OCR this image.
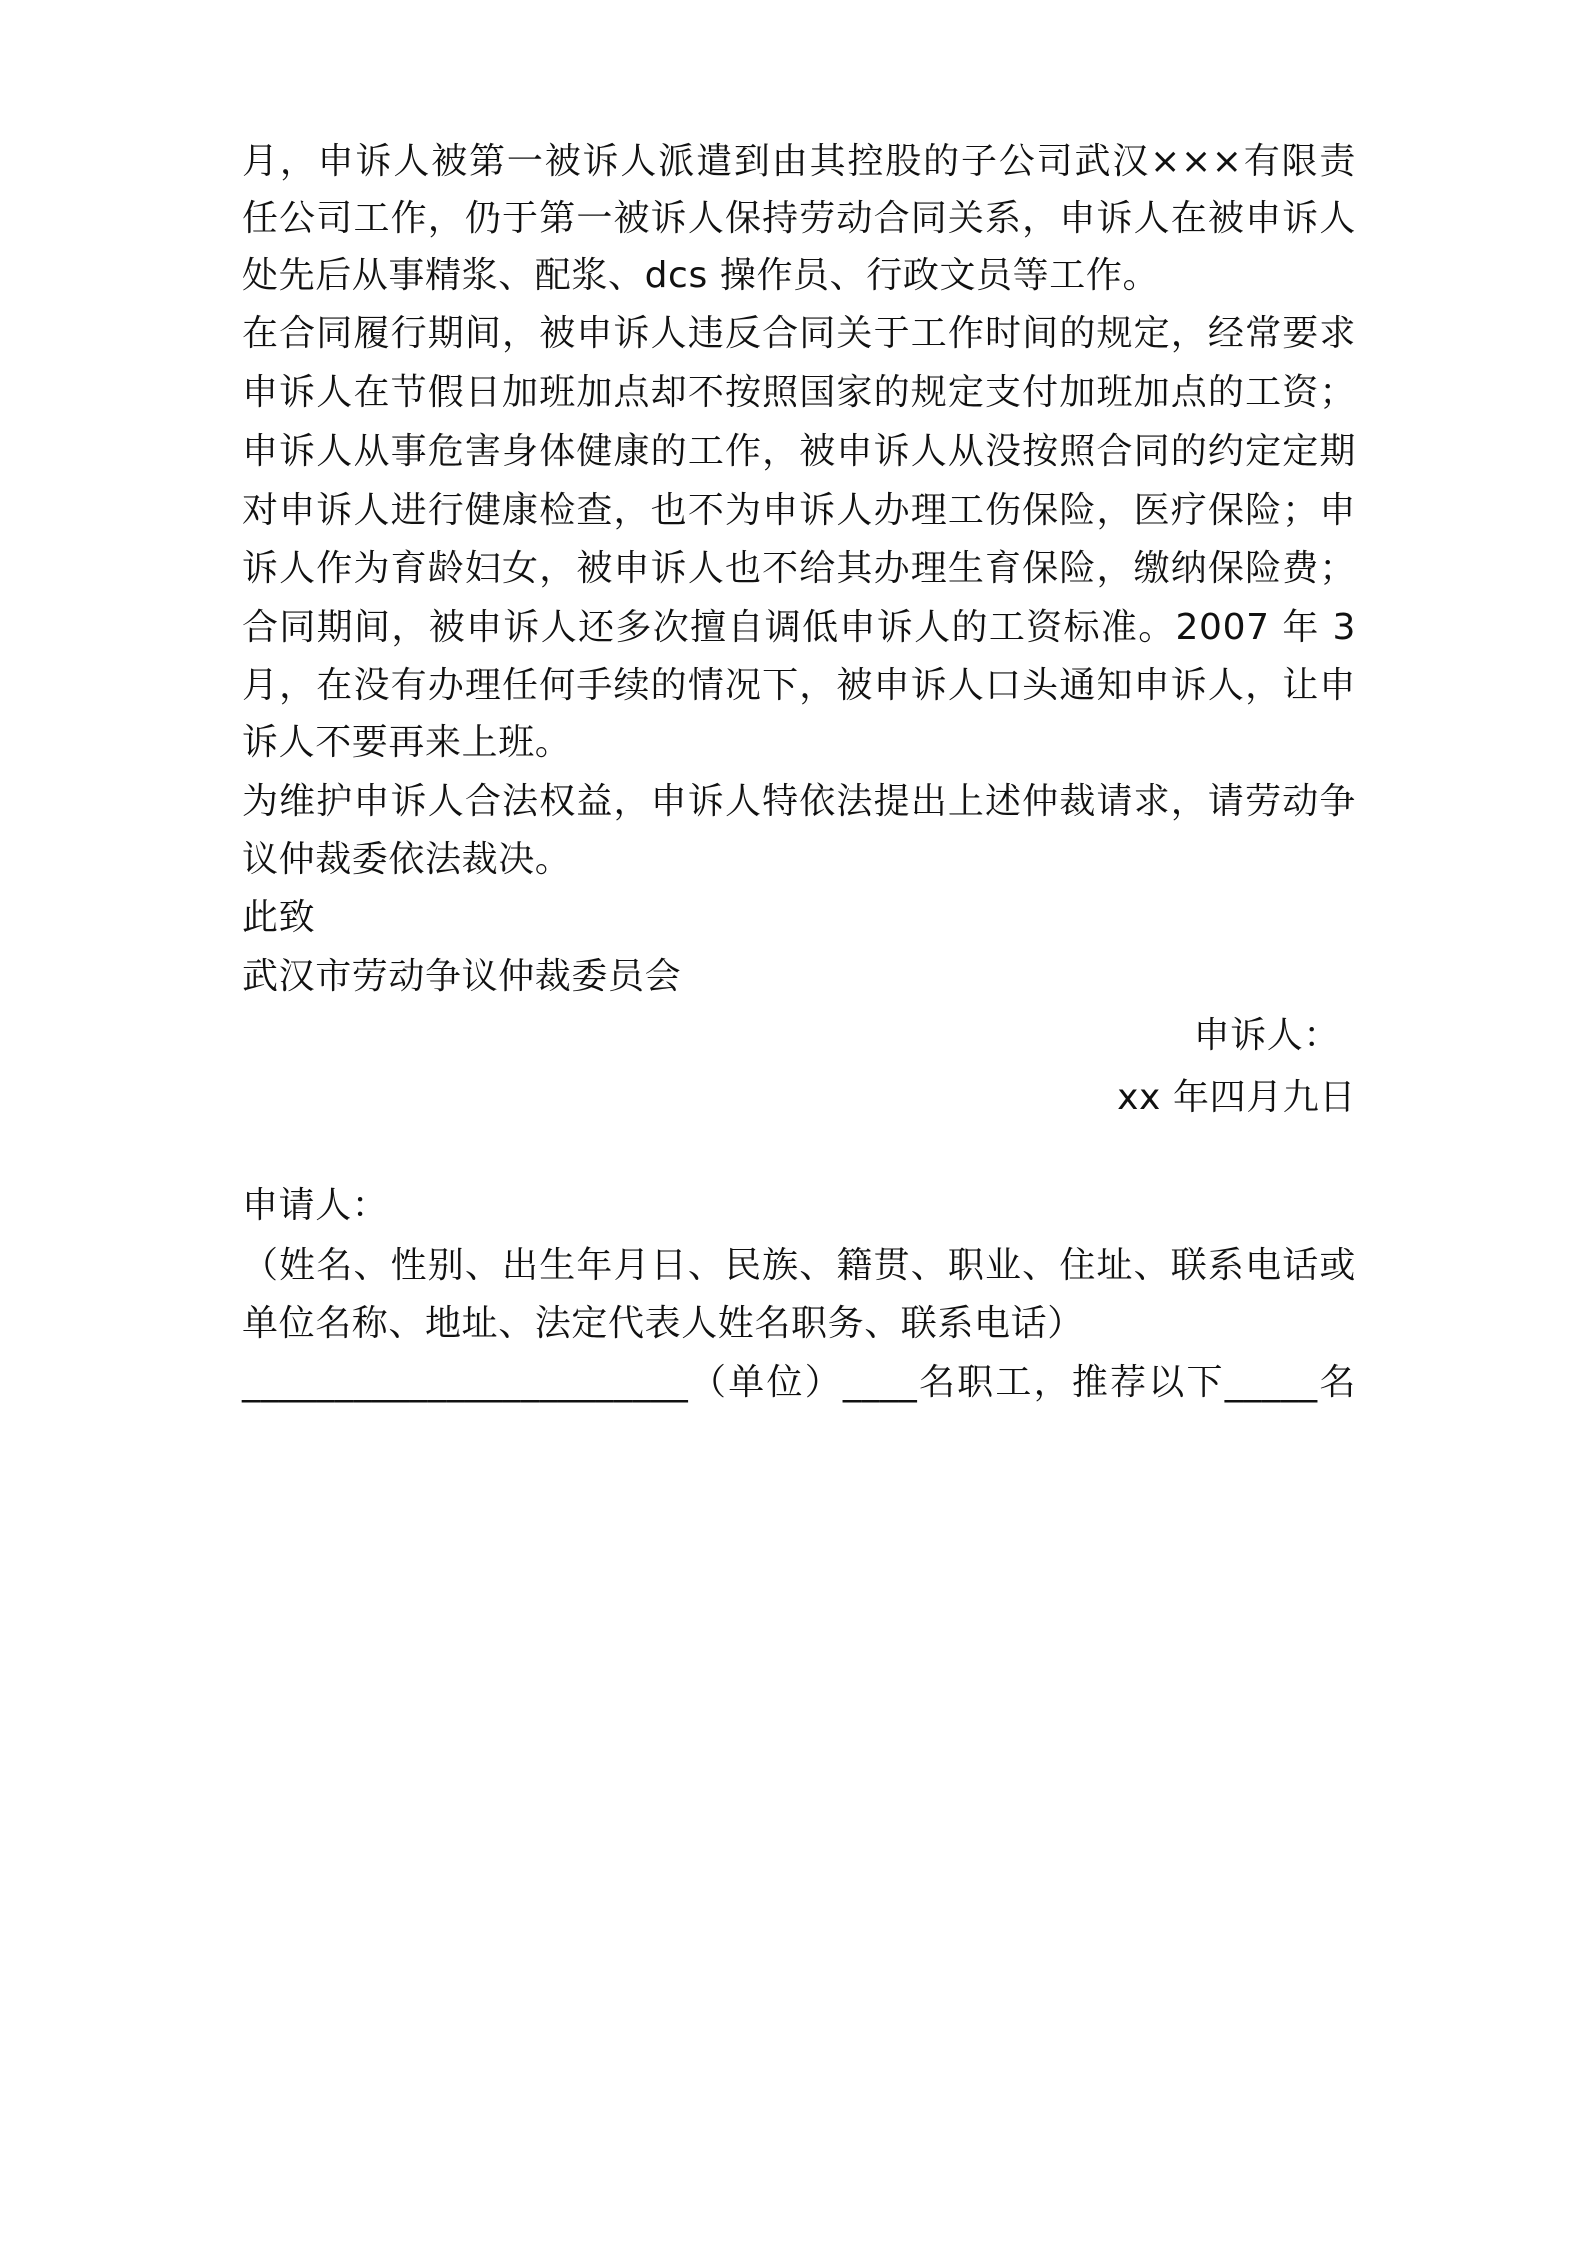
月，申诉人被第一被诉人派遣到由其控股的子公司武汉×××有限责
任公司工作，仍于第一被诉人保持劳动合同关系，申诉人在被申诉人
处先后从事精浆、配浆、dcs 操作员、行政文员等工作。
在合同履行期间，被申诉人违反合同关于工作时间的规定，经常要求
申诉人在节假日加班加点却不按照国家的规定支付加班加点的工资；
申诉人从事危害身体健康的工作，被申诉人从没按照合同的约定定期
对申诉人进行健康检查，也不为申诉人办理工伤保险，医疗保险；申
诉人作为育龄妇女，被申诉人也不给其办理生育保险，缴纳保险费；
合同期间，被申诉人还多次擅自调低申诉人的工资标准。2007 年 3
月，在没有办理任何手续的情况下，被申诉人口头通知申诉人，让申
诉人不要再来上班。
为维护申诉人合法权益，申诉人特依法提出上述仲裁请求，请劳动争
议仲裁委依法裁决。
此致
武汉市劳动争议仲裁委员会
申诉人：
xx 年四月九日
申请人：
（姓名、性别、出生年月日、民族、籍贯、职业、住址、联系电话或
单位名称、地址、法定代表人姓名职务、联系电话）
________________________（单位）____名职工，推荐以下_____名
